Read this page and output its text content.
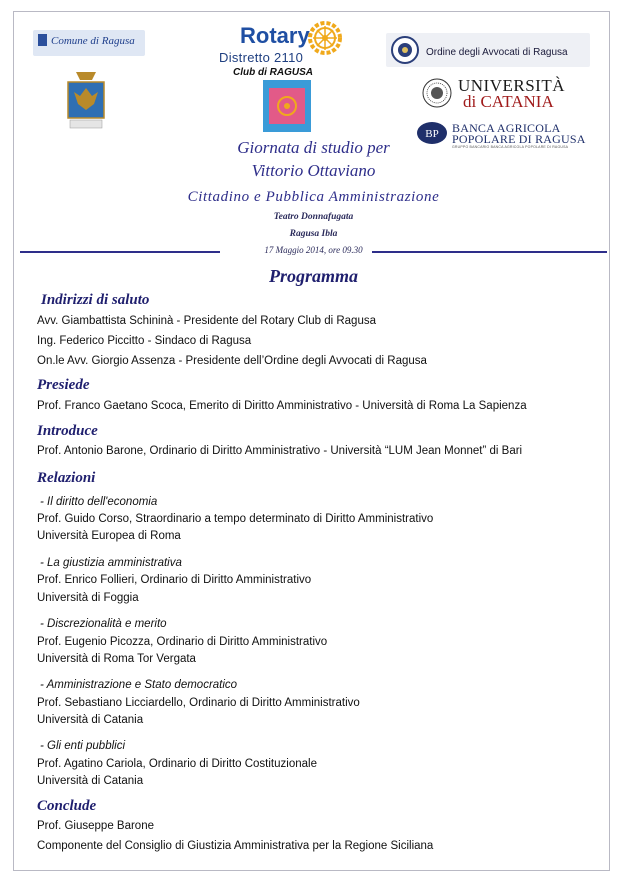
Comune di Ragusa	Rotary
Distretto 2110
Club di RAGUSA
Ordine degli Avvocati di Ragusa
UNIVERSITÀ
di CATANIA
BP BANCA AGRICOLA
POPOLARE DI RAGUSA
GRUPPO BANCARIO BANCA AGRICOLA POPOLARE DI RAGUSA
Giornata di studio per
Vittorio Ottaviano
Cittadino e Pubblica Amministrazione
Teatro Donnafugata
Ragusa Ibla
17 Maggio 2014, ore 09.30
Programma
Indirizzi di saluto
Avv. Giambattista Schininà - Presidente del Rotary Club di Ragusa
Ing. Federico Piccitto - Sindaco di Ragusa
On.le Avv. Giorgio Assenza - Presidente dell’Ordine degli Avvocati di Ragusa
Presiede
Prof. Franco Gaetano Scoca, Emerito di Diritto Amministrativo - Università di Roma La Sapienza
Introduce
Prof. Antonio Barone, Ordinario di Diritto Amministrativo - Università “LUM Jean Monnet” di Bari
Relazioni
- Il diritto dell'economia
Prof. Guido Corso, Straordinario a tempo determinato di Diritto Amministrativo
Università Europea di Roma
- La giustizia amministrativa
Prof. Enrico Follieri, Ordinario di Diritto Amministrativo
Università di Foggia
- Discrezionalità e merito
Prof. Eugenio Picozza, Ordinario di Diritto Amministrativo
Università di Roma Tor Vergata
- Amministrazione e Stato democratico
Prof. Sebastiano Licciardello, Ordinario di Diritto Amministrativo
Università di Catania
- Gli enti pubblici
Prof. Agatino Cariola, Ordinario di Diritto Costituzionale
Università di Catania
Conclude
Prof. Giuseppe Barone
Componente del Consiglio di Giustizia Amministrativa per la Regione Siciliana
